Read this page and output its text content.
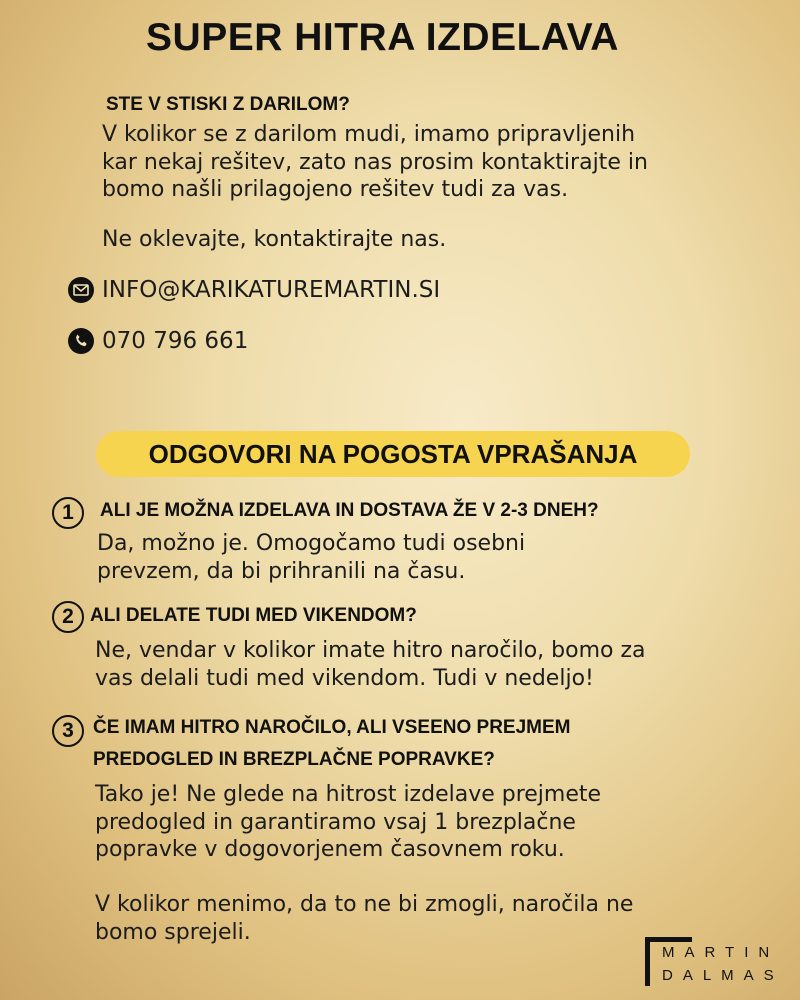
SUPER HITRA IZDELAVA
STE V STISKI Z DARILOM?

V kolikor se z darilom mudi, imamo pripravljenih

kar nekaj rešitev, zato nas prosim kontaktirajte in

bomo našli prilagojeno rešitev tudi za vas.

Ne oklevajte, kontaktirajte nas.

INFO@KARIKATUREMARTIN.SI
070 796 661
ODGOVORI NA POGOSTA VPRAŠANJA
1	ALI JE MOŽNA IZDELAVA IN DOSTAVA ŽE V 2-3 DNEH?

Da, možno je. Omogočamo tudi osebni

prevzem, da bi prihranili na času.

2 ALI DELATE TUDI MED VIKENDOM?

Ne, vendar v kolikor imate hitro naročilo, bomo za

vas delali tudi med vikendom. Tudi v nedeljo!

3	ČE IMAM HITRO NAROČILO, ALI VSEENO PREJMEM
PREDOGLED IN BREZPLAČNE POPRAVKE?

Tako je! Ne glede na hitrost izdelave prejmete

predogled in garantiramo vsaj 1 brezplačne

popravke v dogovorjenem časovnem roku.

V kolikor menimo, da to ne bi zmogli, naročila ne

bomo sprejeli.

MARTIN
DALMAS
